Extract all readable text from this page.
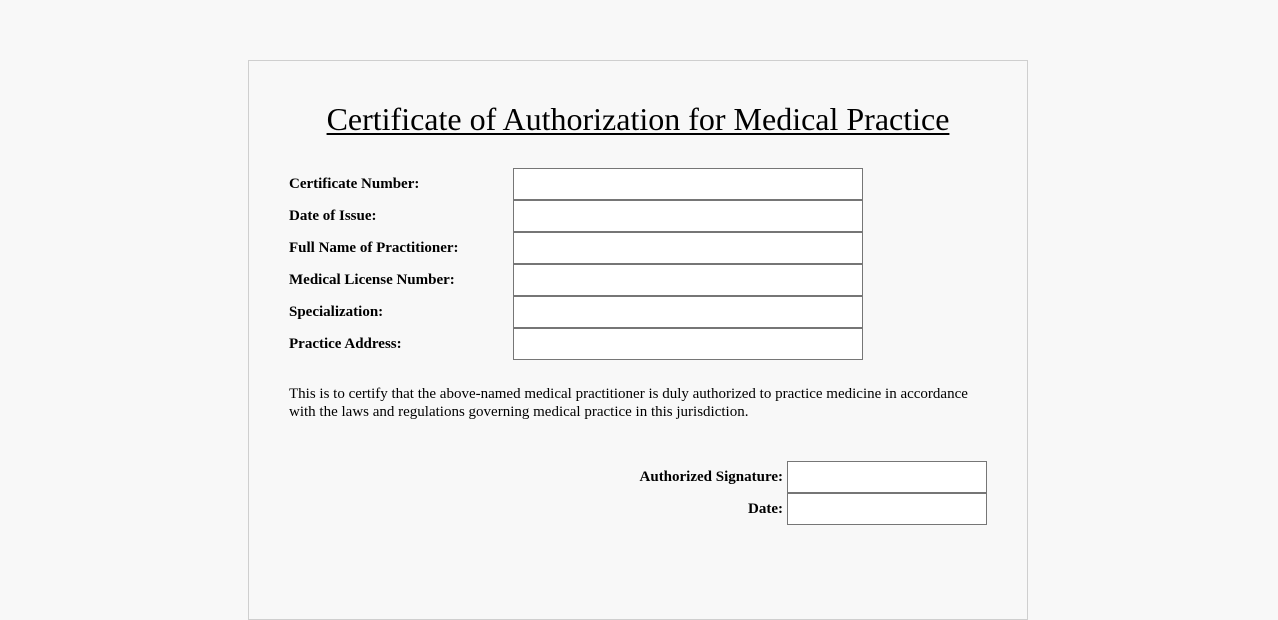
Certificate of Authorization for Medical Practice
Certificate Number:
Date of Issue:
Full Name of Practitioner:
Medical License Number:
Specialization:
Practice Address:

This is to certify that the above-named medical practitioner is duly authorized to practice medicine in accordance with the laws and regulations governing medical practice in this jurisdiction.

Authorized Signature:
Date:
